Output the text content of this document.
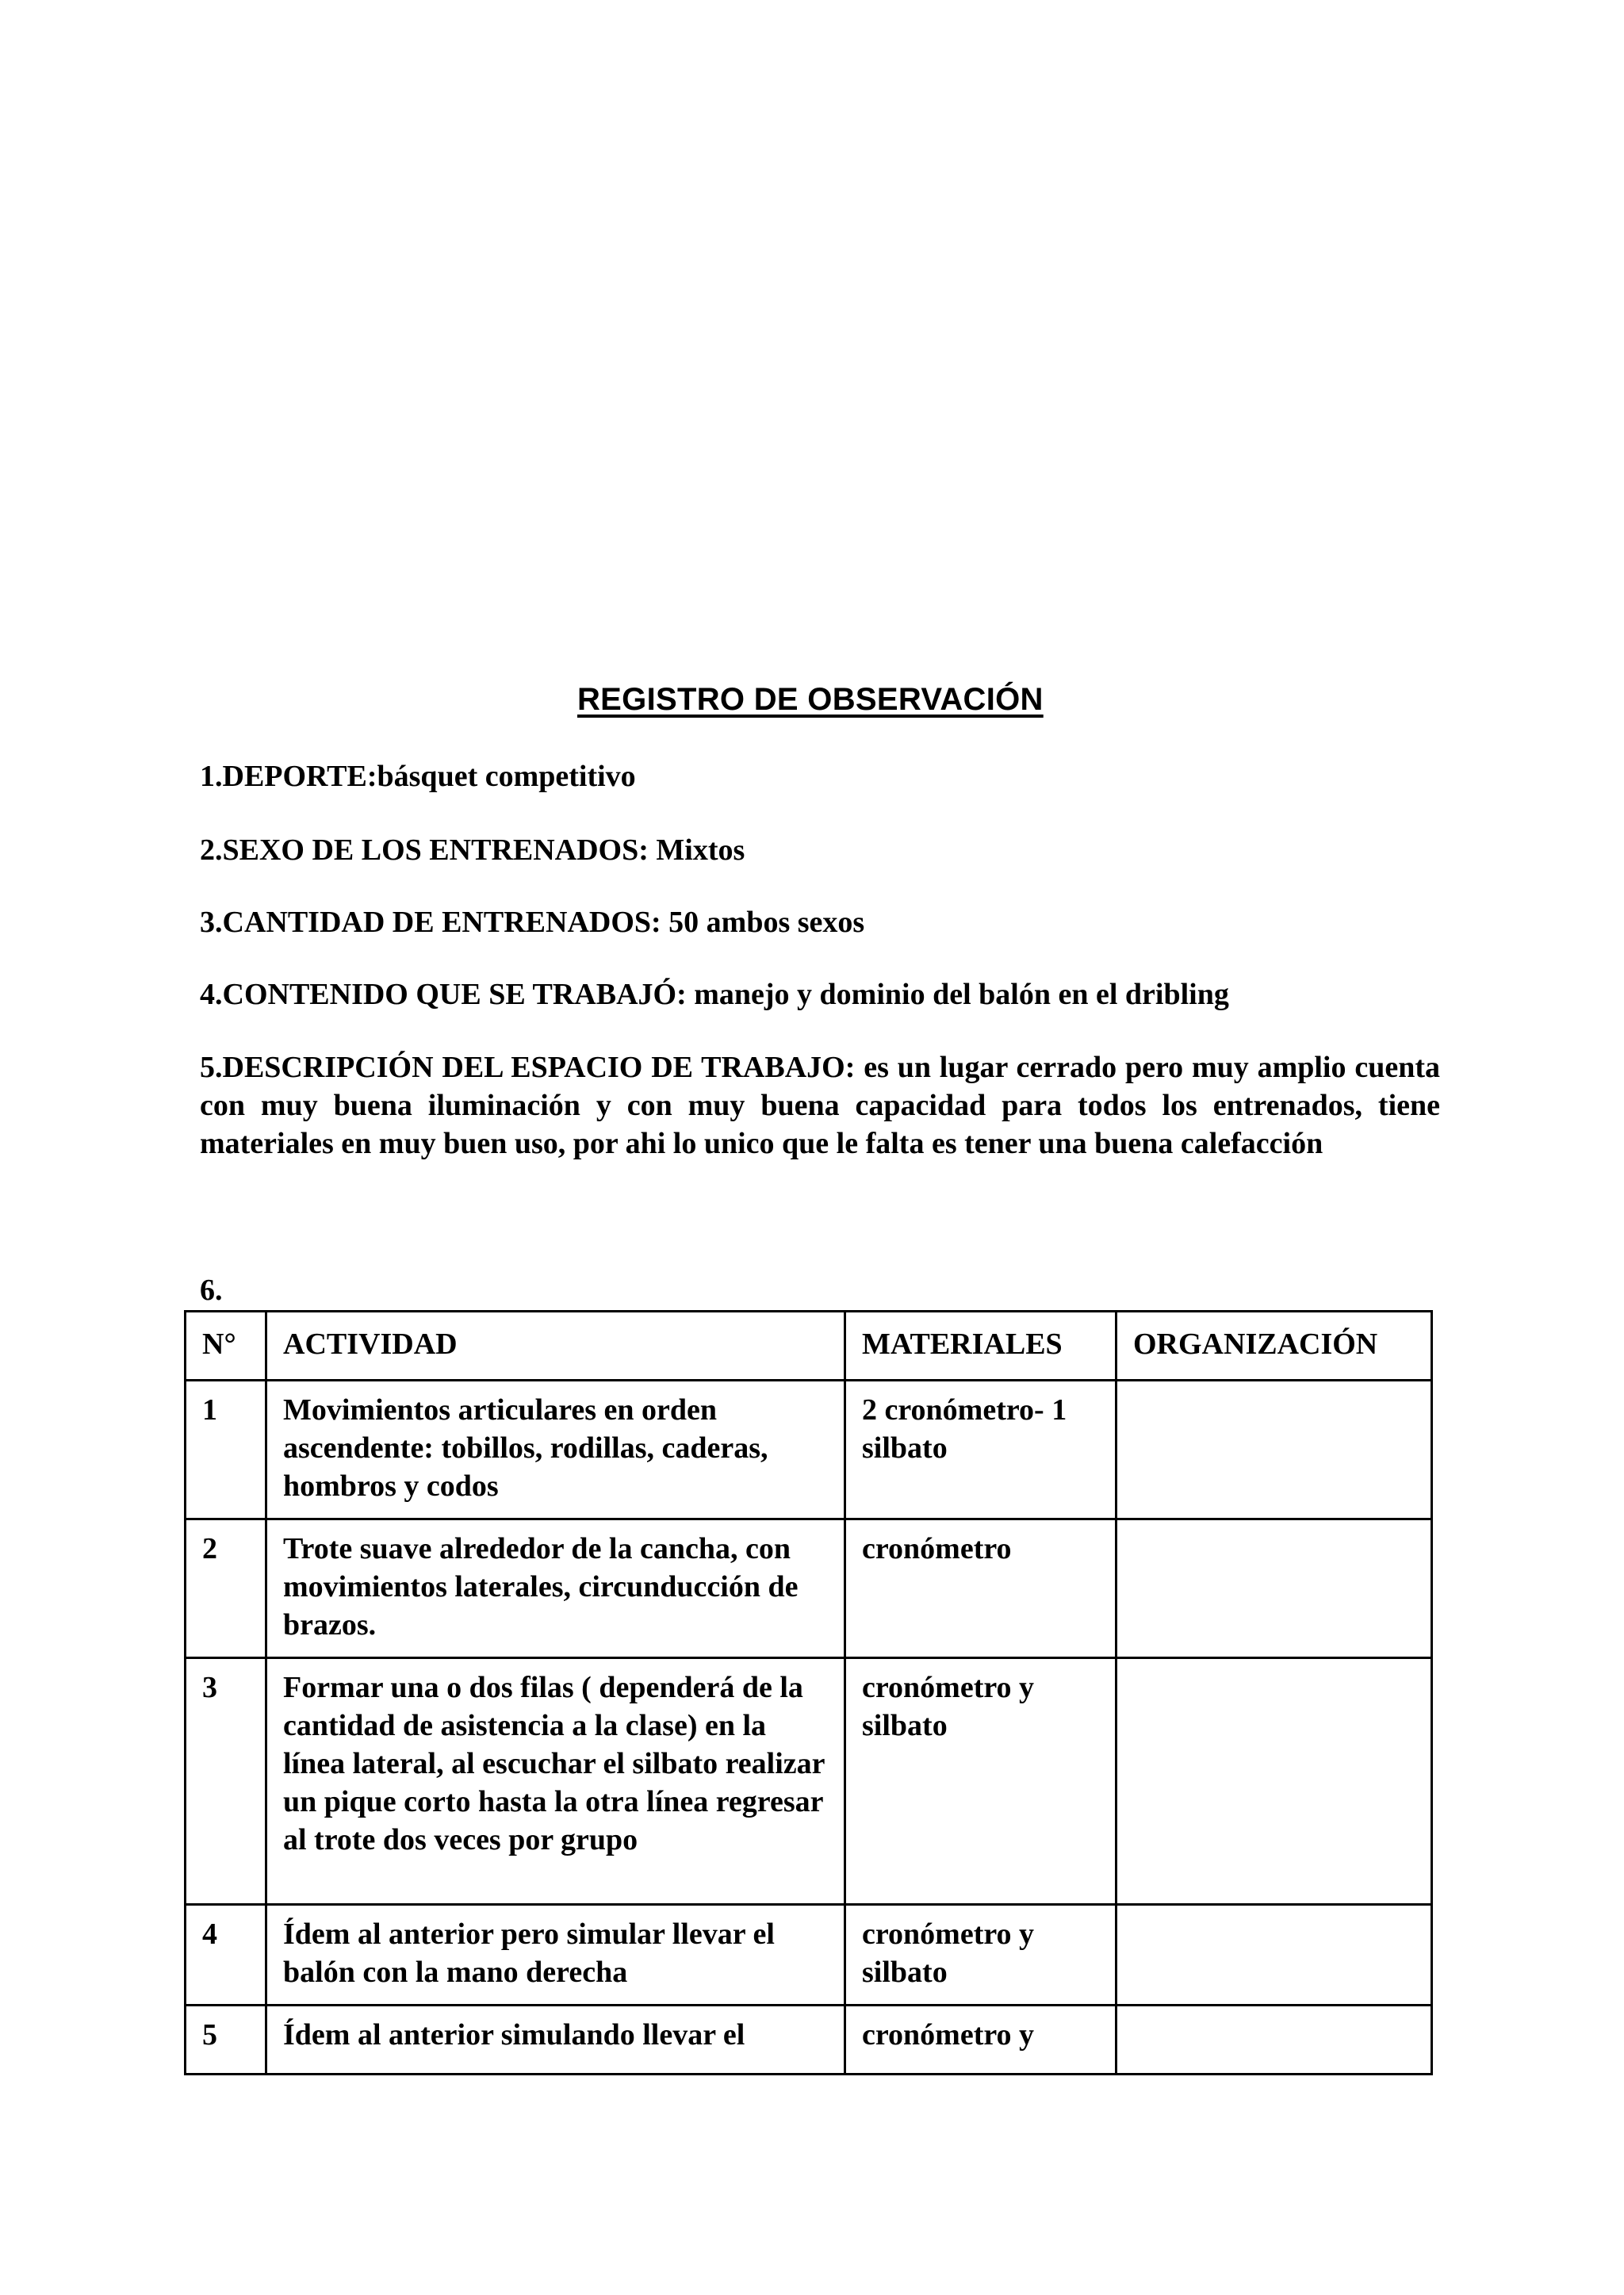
REGISTRO DE OBSERVACIÓN
1.DEPORTE:básquet competitivo
2.SEXO DE LOS ENTRENADOS: Mixtos
3.CANTIDAD DE ENTRENADOS: 50 ambos sexos
4.CONTENIDO QUE SE TRABAJÓ: manejo y dominio del balón en el dribling
5.DESCRIPCIÓN DEL ESPACIO DE TRABAJO: es un lugar cerrado pero muy amplio cuenta con muy buena iluminación y con muy buena capacidad para todos los entrenados, tiene materiales en muy buen uso, por ahi lo unico que le falta es tener una buena calefacción
6.
N°	ACTIVIDAD	MATERIALES	ORGANIZACIÓN
1	Movimientos articulares en orden ascendente: tobillos, rodillas, caderas, hombros y codos	2 cronómetro- 1 silbato	
2	Trote suave alrededor de la cancha, con movimientos laterales, circunducción de brazos.	cronómetro	
3	Formar una o dos filas ( dependerá de la cantidad de asistencia a la clase) en la línea lateral, al escuchar el silbato realizar un pique corto hasta la otra línea regresar al trote dos veces por grupo	cronómetro y silbato	
4	Ídem al anterior pero simular llevar el balón con la mano derecha	cronómetro y silbato	
5	Ídem al anterior simulando llevar el	cronómetro y	
